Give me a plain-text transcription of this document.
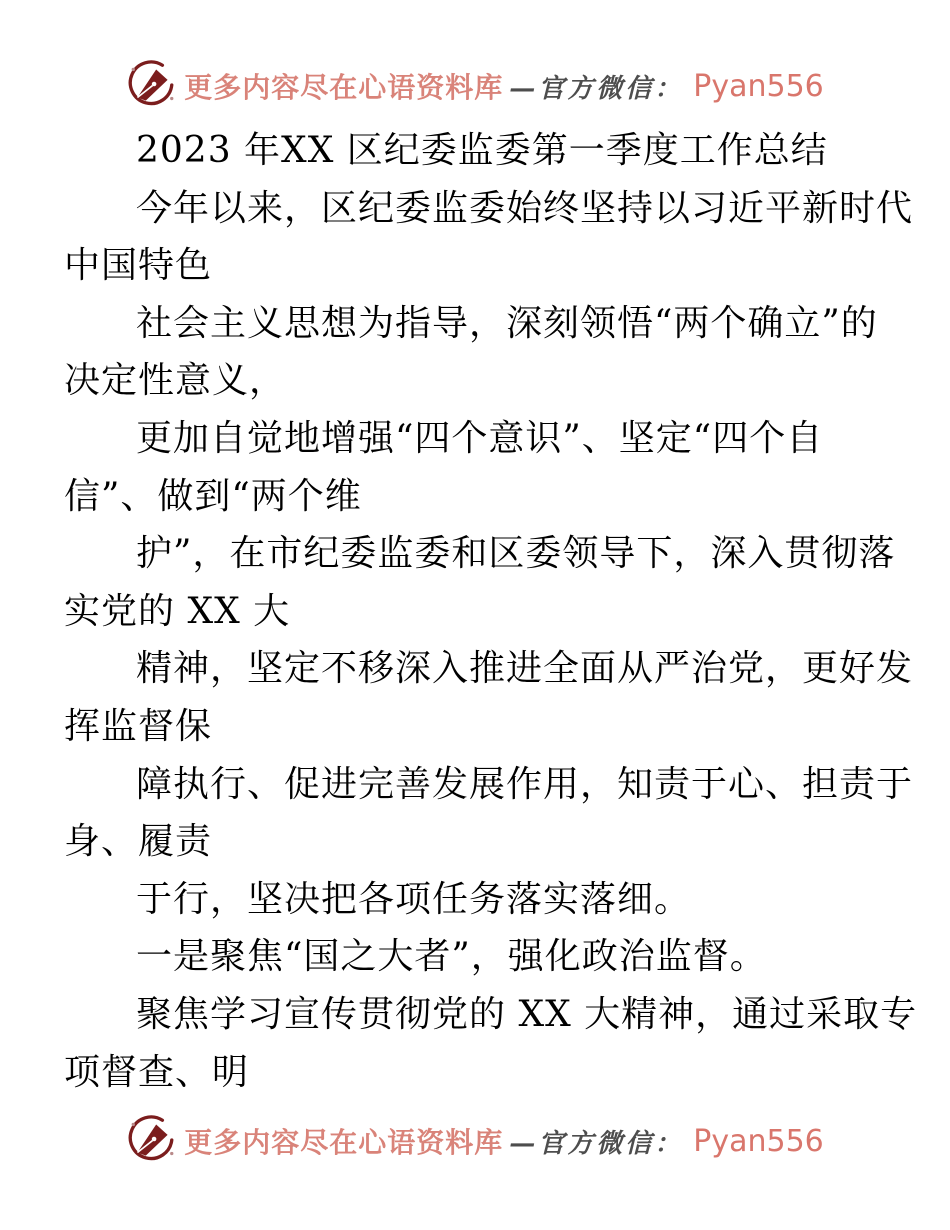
更多内容尽在心语资料库 —官方微信： Pyan556
2023 年XX 区纪委监委第一季度工作总结
今年以来，区纪委监委始终坚持以习近平新时代
中国特色
社会主义思想为指导，深刻领悟“两个确立”的
决定性意义，
更加自觉地增强“四个意识”、坚定“四个自
信”、做到“两个维
护”，在市纪委监委和区委领导下，深入贯彻落
实党的 XX 大
精神，坚定不移深入推进全面从严治党，更好发
挥监督保
障执行、促进完善发展作用，知责于心、担责于
身、履责
于行，坚决把各项任务落实落细。
一是聚焦“国之大者”，强化政治监督。
聚焦学习宣传贯彻党的 XX 大精神，通过采取专
项督查、明
更多内容尽在心语资料库 —官方微信： Pyan556
